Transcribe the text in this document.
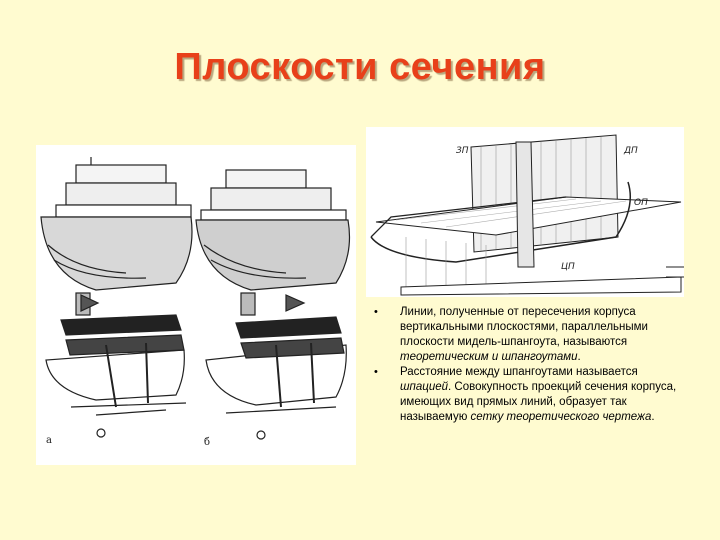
Плоскости сечения
а	б
ЗП	ДП
ОП
ЦП
• Линии, полученные от пересечения корпуса вертикальными плоскостями, параллельными плоскости мидель-шпангоута, называются теоретическим и шпангоутами.
• Расстояние между шпангоутами называется шпацией. Совокупность проекций сечения корпуса, имеющих вид прямых линий, образует так называемую сетку теоретического чертежа.
